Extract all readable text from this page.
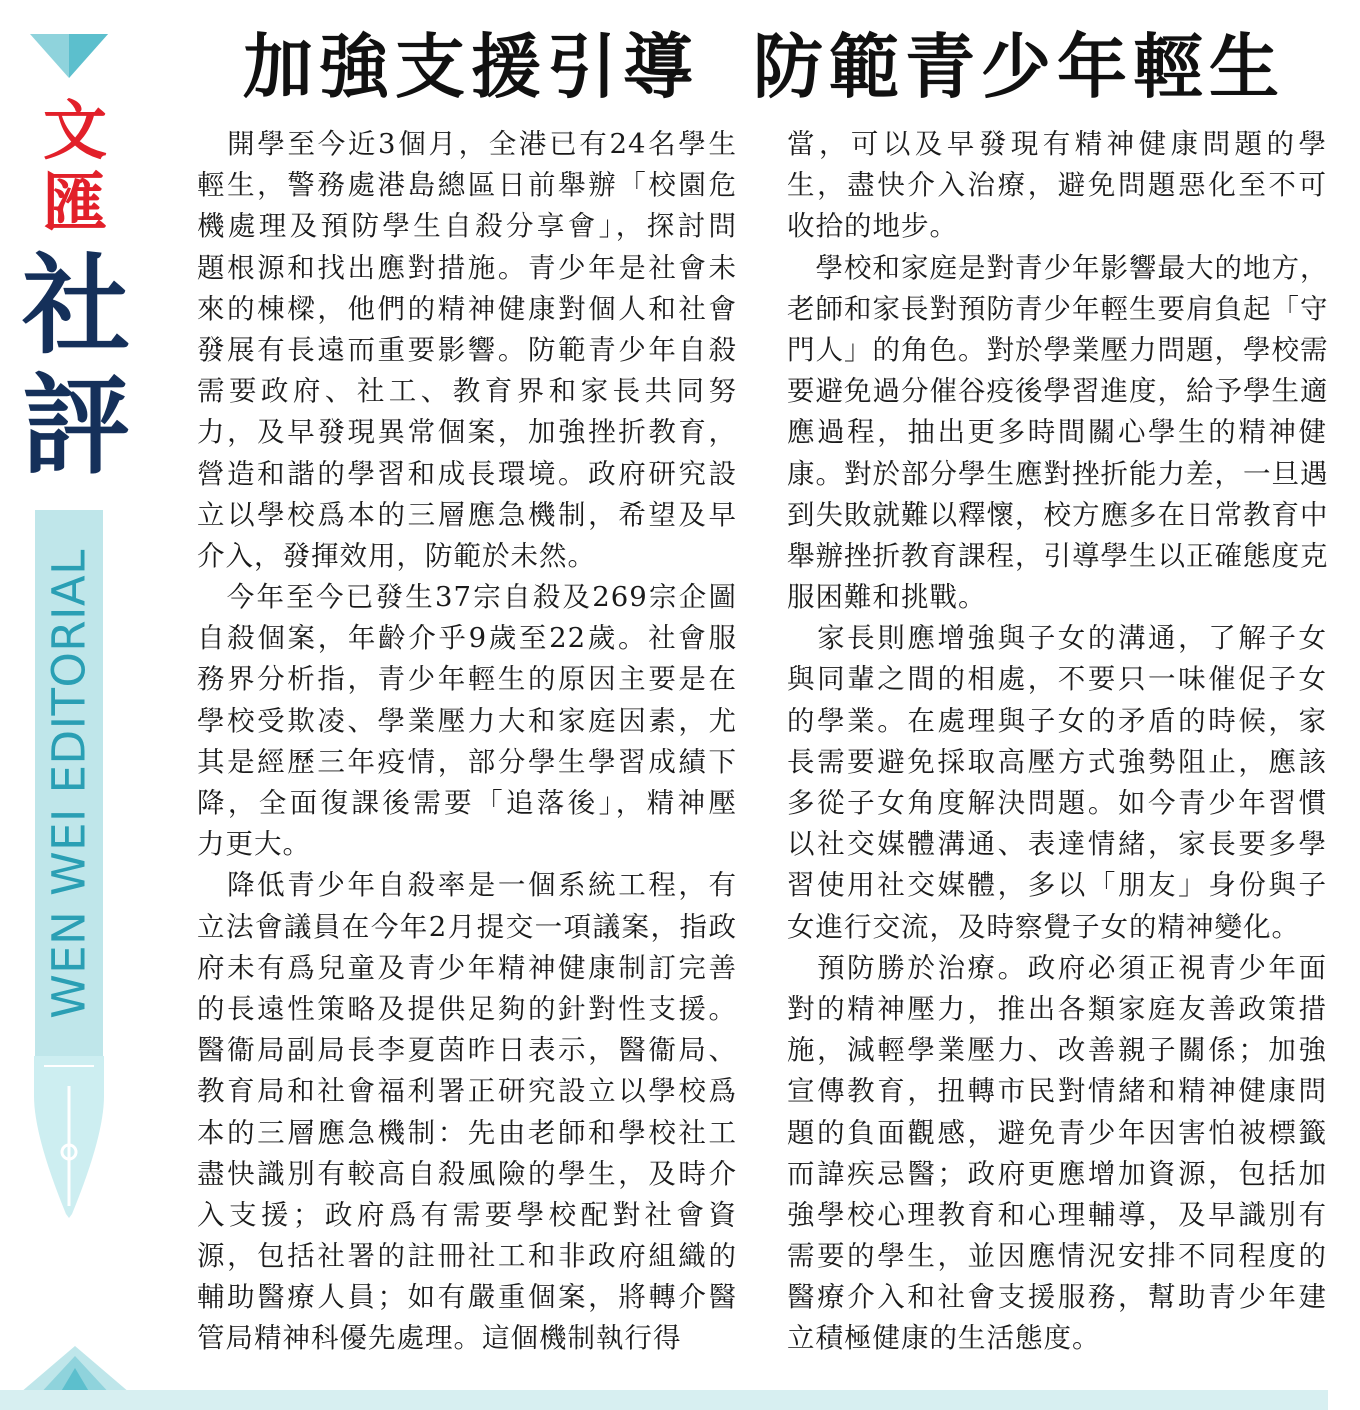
文
匯
社
評
WEN WEI EDITORIAL
加強支援引導 防範青少年輕生
　開學至今近3個月，全港已有24名學生
輕生，警務處港島總區日前舉辦「校園危
機處理及預防學生自殺分享會」，探討問
題根源和找出應對措施。青少年是社會未
來的棟樑，他們的精神健康對個人和社會
發展有長遠而重要影響。防範青少年自殺
需要政府、社工、教育界和家長共同努
力，及早發現異常個案，加強挫折教育，
營造和諧的學習和成長環境。政府研究設
立以學校爲本的三層應急機制，希望及早
介入，發揮效用，防範於未然。
　今年至今已發生37宗自殺及269宗企圖
自殺個案，年齡介乎9歲至22歲。社會服
務界分析指，青少年輕生的原因主要是在
學校受欺凌、學業壓力大和家庭因素，尤
其是經歷三年疫情，部分學生學習成績下
降，全面復課後需要「追落後」，精神壓
力更大。
　降低青少年自殺率是一個系統工程，有
立法會議員在今年2月提交一項議案，指政
府未有爲兒童及青少年精神健康制訂完善
的長遠性策略及提供足夠的針對性支援。
醫衞局副局長李夏茵昨日表示，醫衞局、
教育局和社會福利署正研究設立以學校爲
本的三層應急機制：先由老師和學校社工
盡快識別有較高自殺風險的學生，及時介
入支援；政府爲有需要學校配對社會資
源，包括社署的註冊社工和非政府組織的
輔助醫療人員；如有嚴重個案，將轉介醫
管局精神科優先處理。這個機制執行得
當，可以及早發現有精神健康問題的學
生，盡快介入治療，避免問題惡化至不可
收拾的地步。
　學校和家庭是對青少年影響最大的地方，
老師和家長對預防青少年輕生要肩負起「守
門人」的角色。對於學業壓力問題，學校需
要避免過分催谷疫後學習進度，給予學生適
應過程，抽出更多時間關心學生的精神健
康。對於部分學生應對挫折能力差，一旦遇
到失敗就難以釋懷，校方應多在日常教育中
舉辦挫折教育課程，引導學生以正確態度克
服困難和挑戰。
　家長則應增強與子女的溝通，了解子女
與同輩之間的相處，不要只一味催促子女
的學業。在處理與子女的矛盾的時候，家
長需要避免採取高壓方式強勢阻止，應該
多從子女角度解決問題。如今青少年習慣
以社交媒體溝通、表達情緒，家長要多學
習使用社交媒體，多以「朋友」身份與子
女進行交流，及時察覺子女的精神變化。
　預防勝於治療。政府必須正視青少年面
對的精神壓力，推出各類家庭友善政策措
施，減輕學業壓力、改善親子關係；加強
宣傳教育，扭轉市民對情緒和精神健康問
題的負面觀感，避免青少年因害怕被標籤
而諱疾忌醫；政府更應增加資源，包括加
強學校心理教育和心理輔導，及早識別有
需要的學生，並因應情況安排不同程度的
醫療介入和社會支援服務，幫助青少年建
立積極健康的生活態度。
